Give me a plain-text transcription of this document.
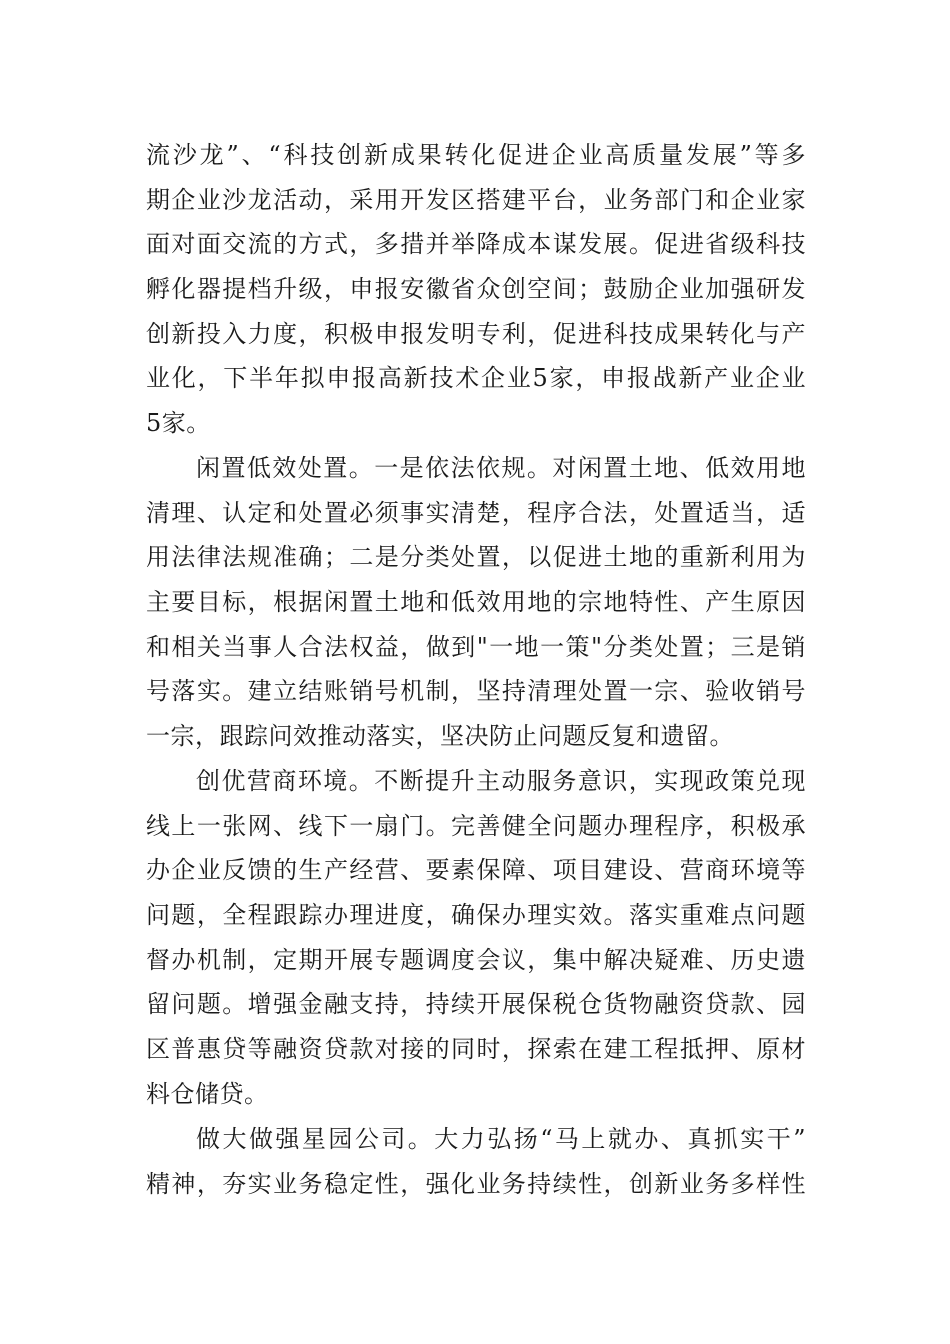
流沙龙”、“科技创新成果转化促进企业高质量发展”等多
期企业沙龙活动，采用开发区搭建平台，业务部门和企业家
面对面交流的方式，多措并举降成本谋发展。促进省级科技
孵化器提档升级，申报安徽省众创空间；鼓励企业加强研发
创新投入力度，积极申报发明专利，促进科技成果转化与产
业化，下半年拟申报高新技术企业5家，申报战新产业企业
5家。
闲置低效处置。一是依法依规。对闲置土地、低效用地
清理、认定和处置必须事实清楚，程序合法，处置适当，适
用法律法规准确；二是分类处置，以促进土地的重新利用为
主要目标，根据闲置土地和低效用地的宗地特性、产生原因
和相关当事人合法权益，做到"一地一策"分类处置；三是销
号落实。建立结账销号机制，坚持清理处置一宗、验收销号
一宗，跟踪问效推动落实，坚决防止问题反复和遗留。
创优营商环境。不断提升主动服务意识，实现政策兑现
线上一张网、线下一扇门。完善健全问题办理程序，积极承
办企业反馈的生产经营、要素保障、项目建设、营商环境等
问题，全程跟踪办理进度，确保办理实效。落实重难点问题
督办机制，定期开展专题调度会议，集中解决疑难、历史遗
留问题。增强金融支持，持续开展保税仓货物融资贷款、园
区普惠贷等融资贷款对接的同时，探索在建工程抵押、原材
料仓储贷。
做大做强星园公司。大力弘扬“马上就办、真抓实干”
精神，夯实业务稳定性，强化业务持续性，创新业务多样性
